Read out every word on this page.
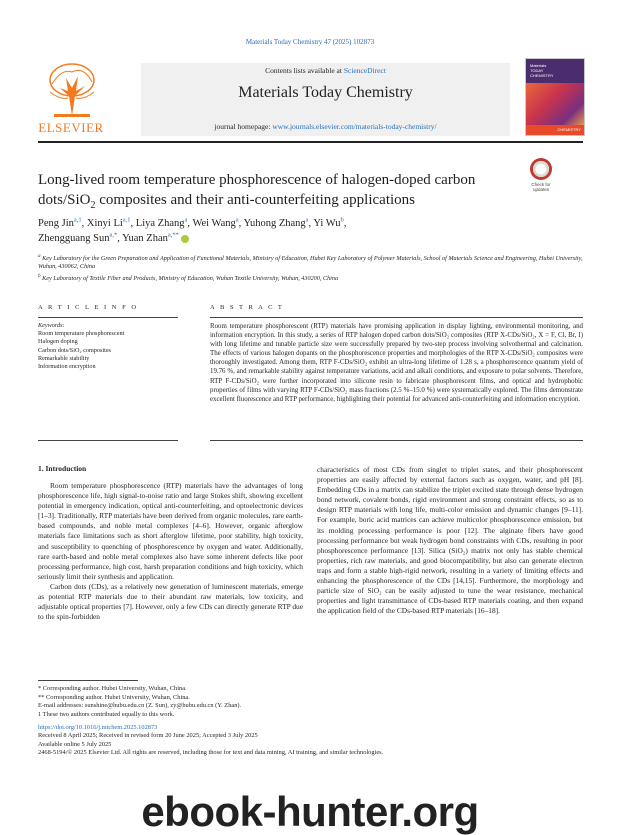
Materials Today Chemistry 47 (2025) 102873
ELSEVIER
Contents lists available at ScienceDirect
Materials Today Chemistry
journal homepage: www.journals.elsevier.com/materials-today-chemistry/
Materials
TODAY
CHEMISTRY
CHEMISTRY
Long-lived room temperature phosphorescence of halogen-doped carbon dots/SiO$_2$ composites and their anti-counterfeiting applications
Check for
updates
Peng Jin$^{a,1}$, Xinyi Li$^{a,1}$, Liya Zhang$^a$, Wei Wang$^a$, Yuhong Zhang$^a$, Yi Wu$^b$,
Zhengguang Sun$^{a,*}$, Yuan Zhan$^{a,**}$
$^a$ Key Laboratory for the Green Preparation and Application of Functional Materials, Ministry of Education, Hubei Key Laboratory of Polymer Materials, School of Materials Science and Engineering, Hubei University, Wuhan, 430062, China
$^b$ Key Laboratory of Textile Fiber and Products, Ministry of Education, Wuhan Textile University, Wuhan, 430200, China
A R T I C L E I N F O
Keywords:
Room temperature phosphorescent
Halogen doping
Carbon dots/SiO₂ composites
Remarkable stability
Information encryption
A B S T R A C T
Room temperature phosphorescent (RTP) materials have promising application in display lighting, environmental monitoring, and information encryption. In this study, a series of RTP halogen doped carbon dots/SiO₂ composites (RTP X-CDs/SiO₂, X = F, Cl, Br, I) with long lifetime and tunable particle size were successfully prepared by two-step process involving solvothermal and calcination. The effects of various halogen dopants on the phosphorescence properties and morphologies of the RTP X-CDs/SiO₂ composites were thoroughly investigated. Among them, RTP F-CDs/SiO₂ exhibit an ultra-long lifetime of 1.28 s, a phosphorescence quantum yield of 19.76 %, and remarkable stability against temperature variations, acid and alkali conditions, and exposure to polar solvents. Therefore, RTP F-CDs/SiO₂ were further incorporated into silicone resin to fabricate phosphorescent films, and optical and hydrophobic properties of films with varying RTP F-CDs/SiO₂ mass fractions (2.5 %–15.0 %) were systematically explored. The films demonstrate excellent fluorescence and RTP performance, highlighting their potential for advanced anti-counterfeiting and information encryption.
1. Introduction

Room temperature phosphorescence (RTP) materials have the advantages of long phosphorescence life, high signal-to-noise ratio and large Stokes shift, showing excellent potential in emergency indication, optical anti-counterfeiting, and optoelectronic devices [1–3]. Traditionally, RTP materials have been derived from organic molecules, rare earth-based compounds, and noble metal complexes [4–6]. However, organic afterglow materials face limitations such as short afterglow lifetime, poor stability, high toxicity, and susceptibility to quenching of phosphorescence by oxygen and water. Additionally, rare earth-based and noble metal complexes also have some inherent defects like poor processing performance, high cost, harsh preparation conditions and high toxicity, which seriously limit their synthesis and application.

Carbon dots (CDs), as a relatively new generation of luminescent materials, emerge as potential RTP materials due to their abundant raw materials, low toxicity, and adjustable optical properties [7]. However, only a few CDs can directly generate RTP due to the spin-forbidden

characteristics of most CDs from singlet to triplet states, and their phosphorescent properties are easily affected by external factors such as oxygen, water, and pH [8]. Embedding CDs in a matrix can stabilize the triplet excited state through dense hydrogen bond network, covalent bonds, rigid environment and strong constraint effects, so as to design RTP materials with long life, multi-color emission and dynamic changes [9–11]. For example, boric acid matrices can achieve multicolor phosphorescence emission, but its molding processing performance is poor [12]. The alginate fibers have good processing performance but weak hydrogen bond constraints with CDs, resulting in poor phosphorescence performance [13]. Silica (SiO₂) matrix not only has stable chemical properties, rich raw materials, and good biocompatibility, but also can generate electron traps and form a stable high-rigid network, resulting in a variety of limiting effects and enhancing the phosphorescence of the CDs [14,15]. Furthermore, the morphology and particle size of SiO₂ can be easily adjusted to tune the wear resistance, mechanical properties and light transmittance of CDs-based RTP materials coating, and then expand the application field of the CDs-based RTP materials [16–18].

* Corresponding author. Hubei University, Wuhan, China.
** Corresponding author. Hubei University, Wuhan, China.
E-mail addresses: sunshine@hubu.edu.cn (Z. Sun), zy@hubu.edu.cn (Y. Zhan).
1 These two authors contributed equally to this work.
https://doi.org/10.1016/j.mtchem.2025.102873
Received 8 April 2025; Received in revised form 20 June 2025; Accepted 3 July 2025
Available online 5 July 2025
2468-5194/© 2025 Elsevier Ltd. All rights are reserved, including those for text and data mining, AI training, and similar technologies.
ebook-hunter.org
